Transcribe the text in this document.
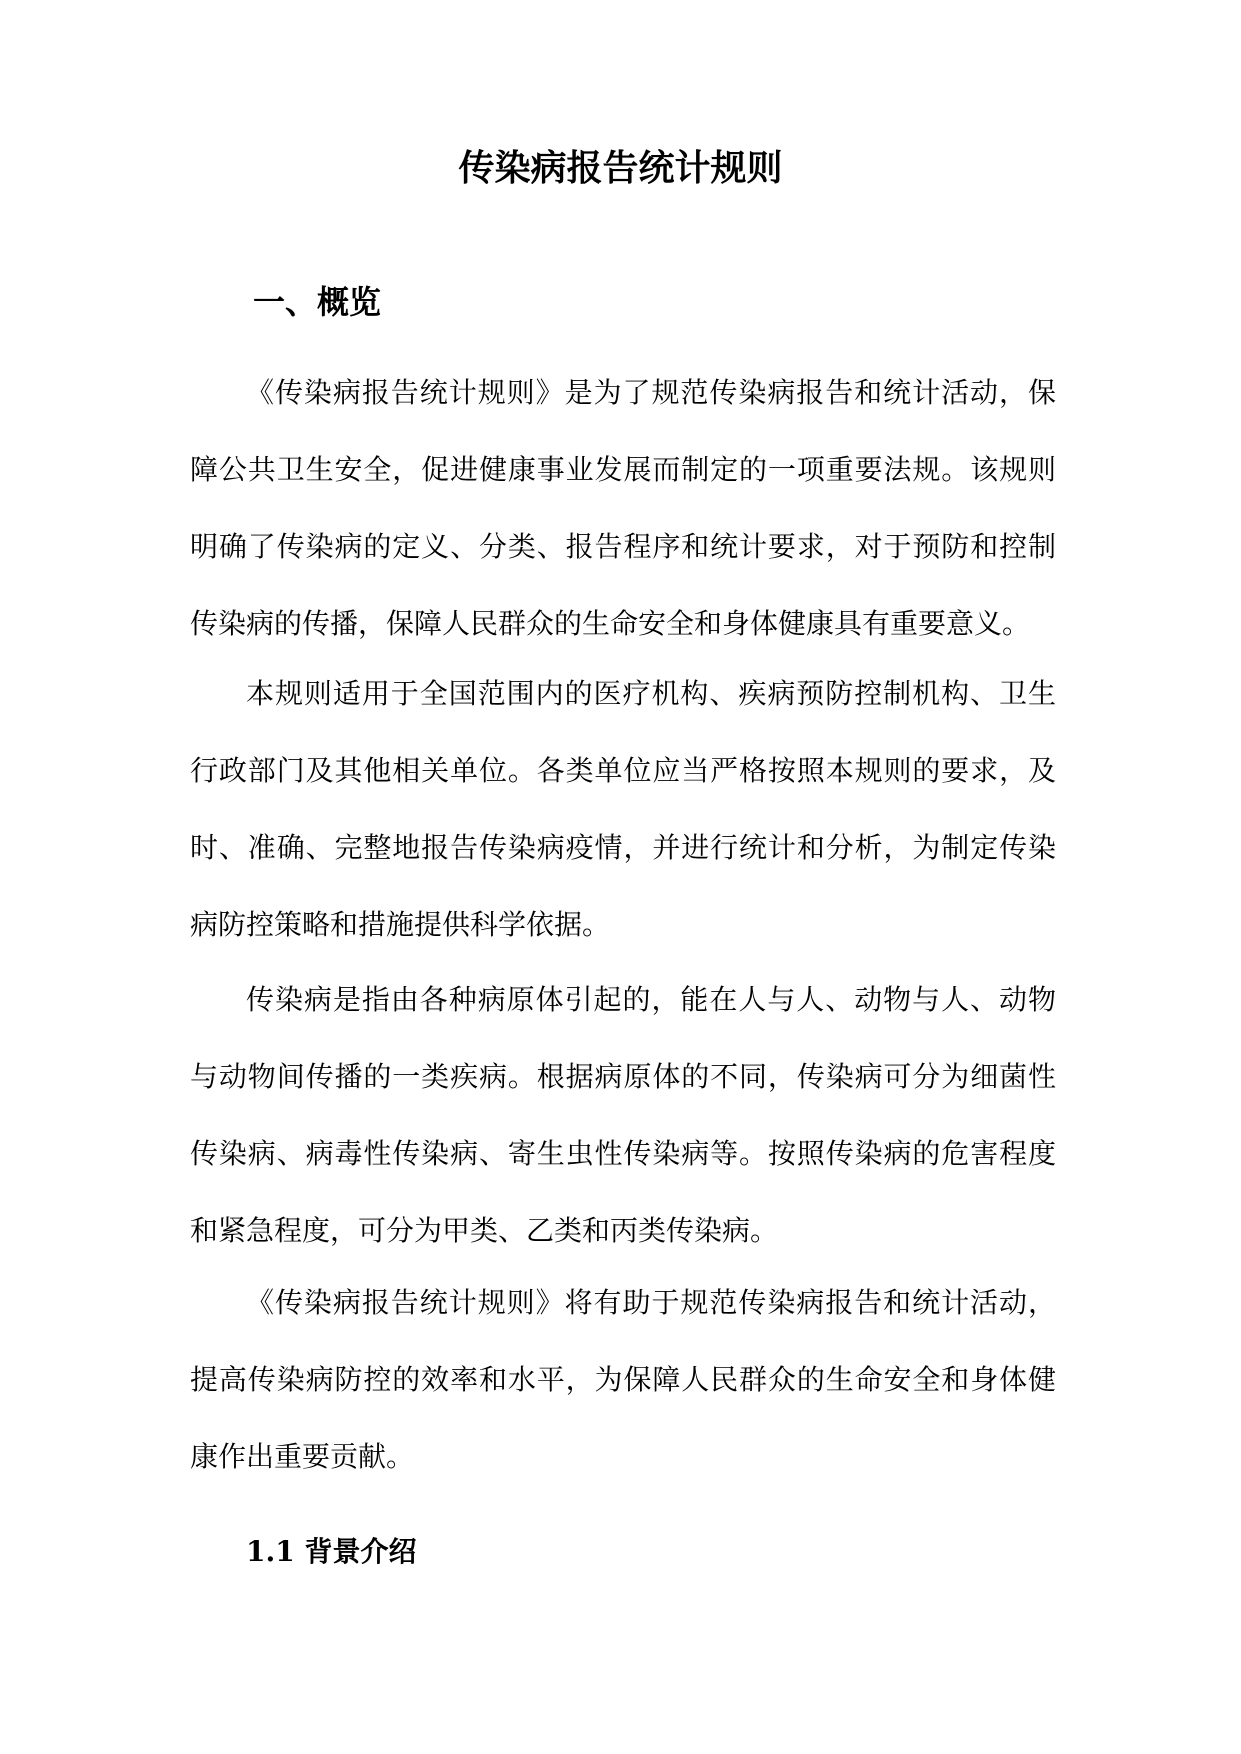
传染病报告统计规则
一、概览

《传染病报告统计规则》是为了规范传染病报告和统计活动，保障公共卫生安全，促进健康事业发展而制定的一项重要法规。该规则明确了传染病的定义、分类、报告程序和统计要求，对于预防和控制传染病的传播，保障人民群众的生命安全和身体健康具有重要意义。

本规则适用于全国范围内的医疗机构、疾病预防控制机构、卫生行政部门及其他相关单位。各类单位应当严格按照本规则的要求，及时、准确、完整地报告传染病疫情，并进行统计和分析，为制定传染病防控策略和措施提供科学依据。

传染病是指由各种病原体引起的，能在人与人、动物与人、动物与动物间传播的一类疾病。根据病原体的不同，传染病可分为细菌性传染病、病毒性传染病、寄生虫性传染病等。按照传染病的危害程度和紧急程度，可分为甲类、乙类和丙类传染病。

《传染病报告统计规则》将有助于规范传染病报告和统计活动，提高传染病防控的效率和水平，为保障人民群众的生命安全和身体健康作出重要贡献。

1.1 背景介绍
